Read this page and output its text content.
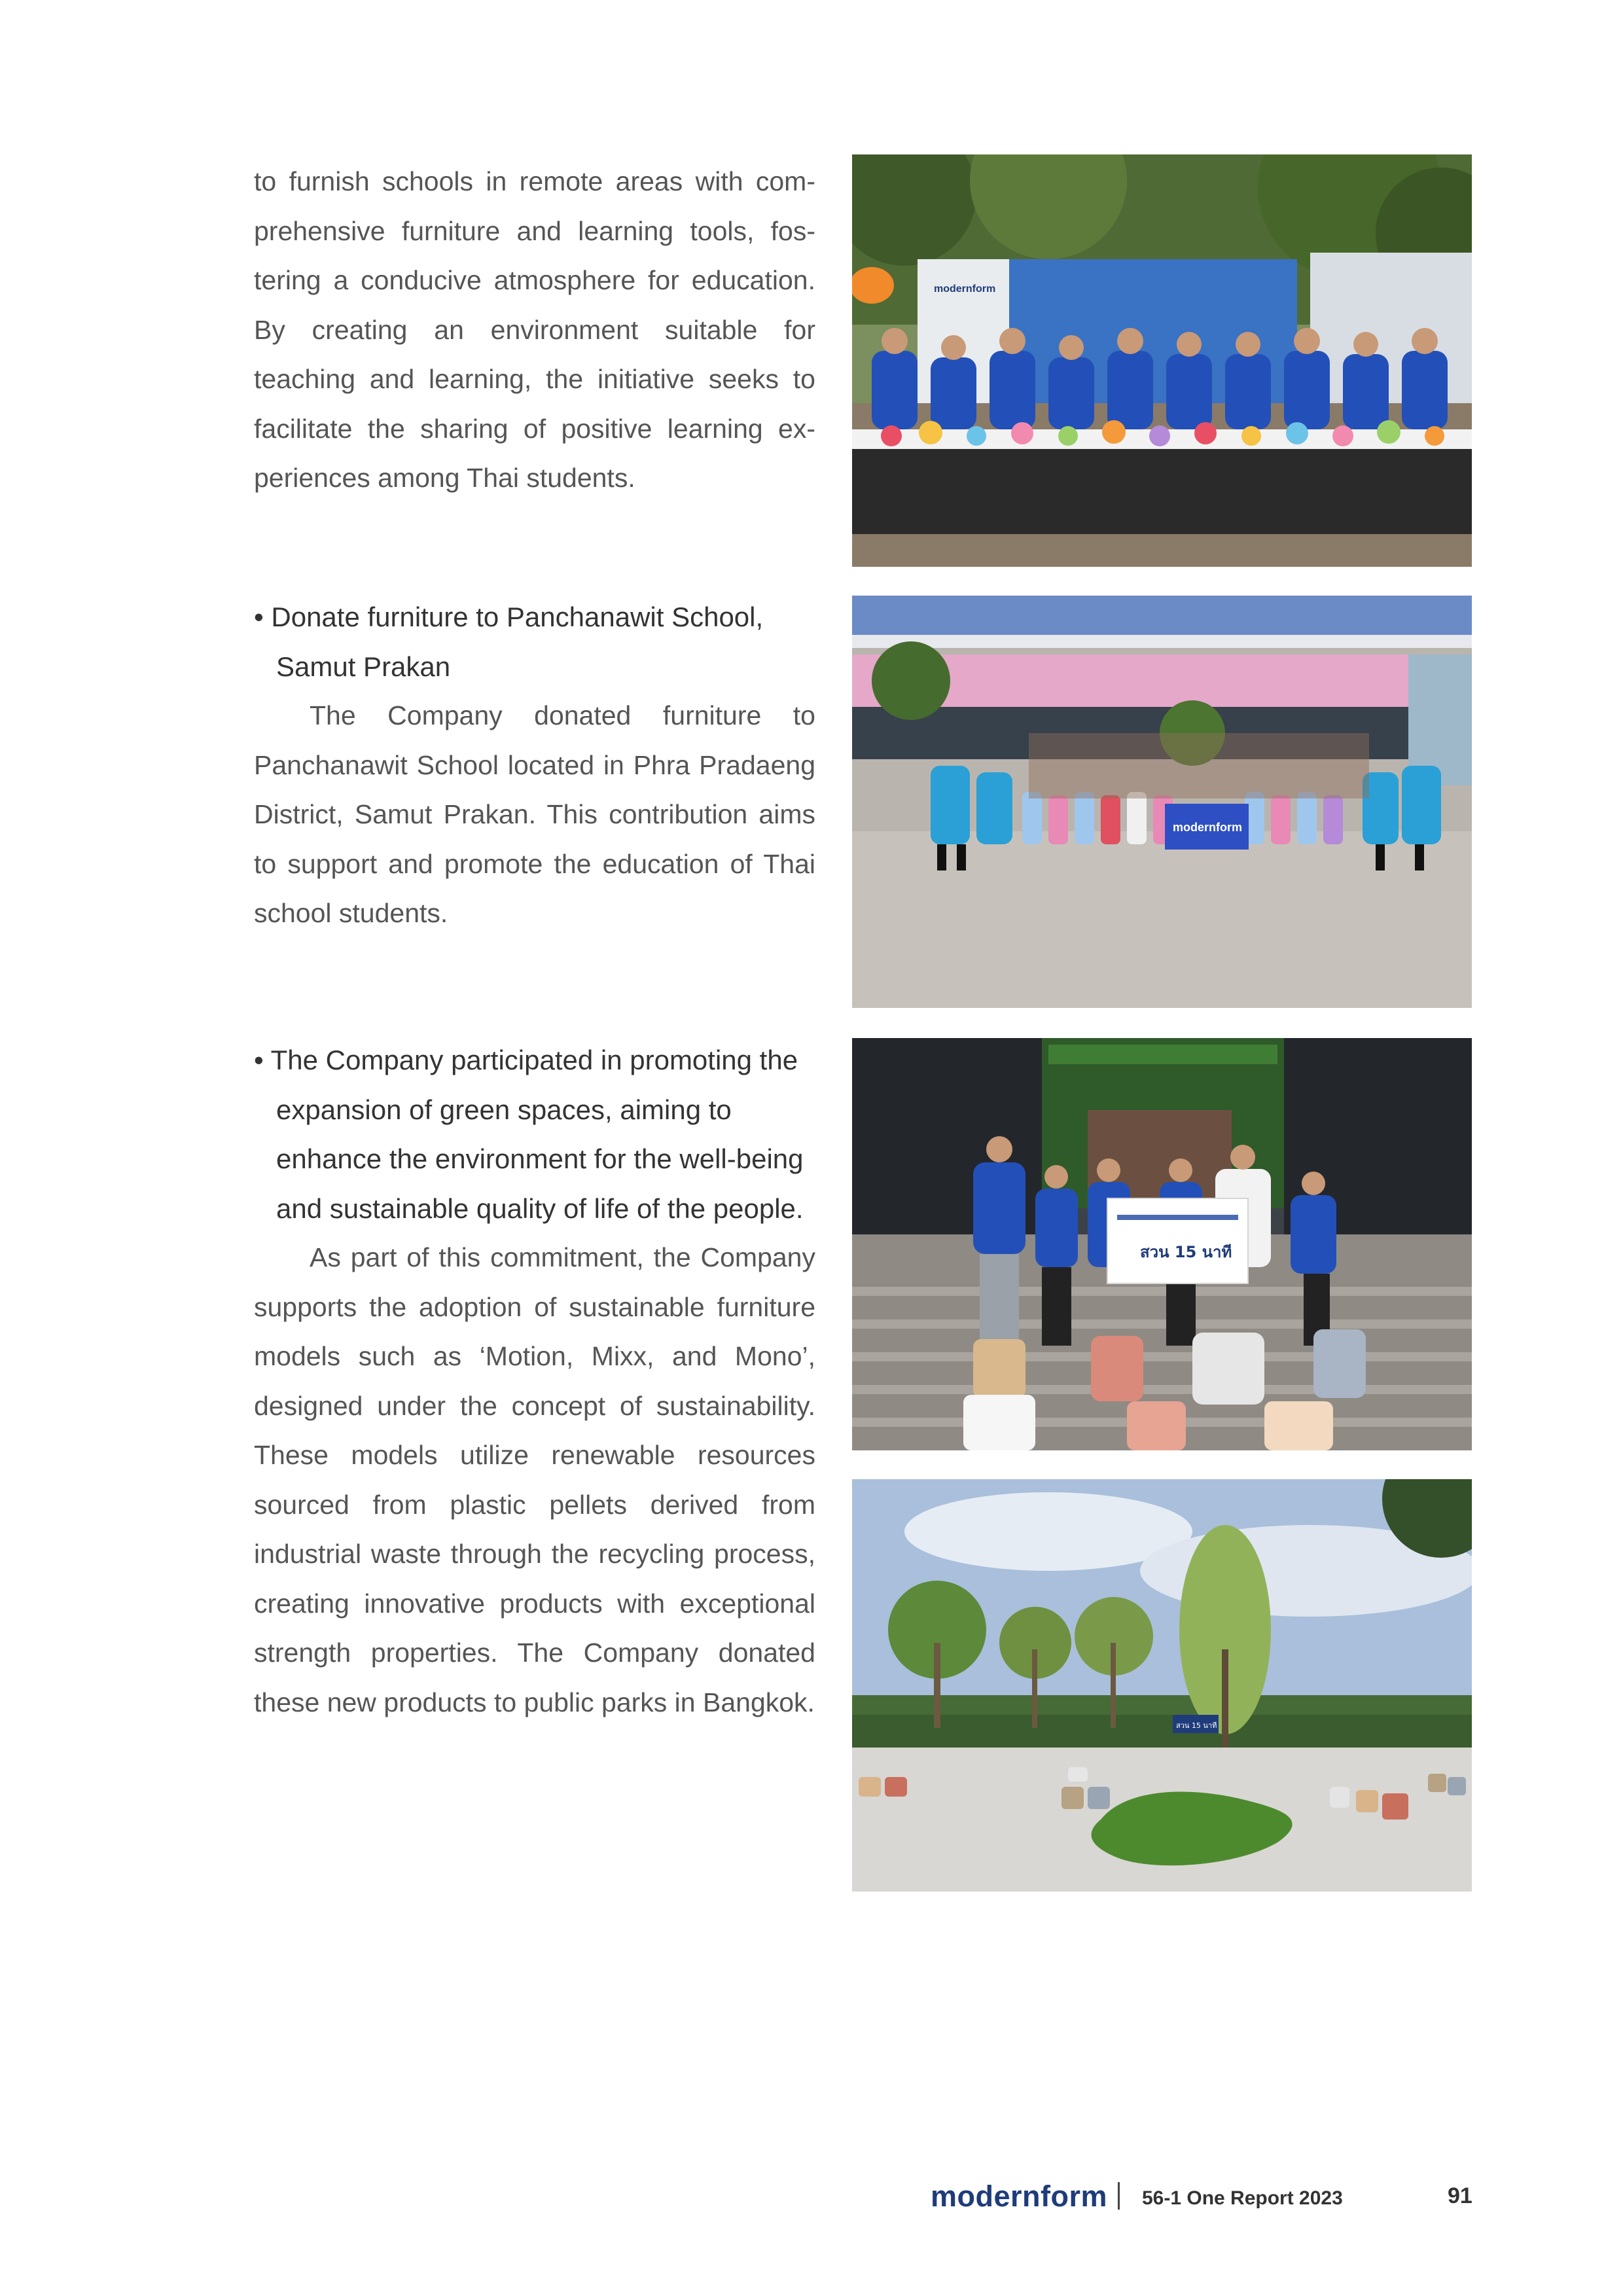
to furnish schools in remote areas with com-prehensive furniture and learning tools, fos-tering a conducive atmosphere for education. By creating an environment suitable for teaching and learning, the initiative seeks to facilitate the sharing of positive learning ex-periences among Thai students.

• Donate furniture to Panchanawit School, Samut Prakan

The Company donated furniture to Panchanawit School located in Phra Pradaeng District, Samut Prakan. This contribution aims to support and promote the education of Thai school students.

• The Company participated in promoting the expansion of green spaces, aiming to enhance the environment for the well-being and sustainable quality of life of the people.

As part of this commitment, the Company supports the adoption of sustainable furniture models such as ‘Motion, Mixx, and Mono’, designed under the concept of sustainability. These models utilize renewable resources sourced from plastic pellets derived from industrial waste through the recycling process, creating innovative products with exceptional strength properties. The Company donated these new products to public parks in Bangkok.

modernform
modernform
สวน 15 นาที
สวน 15 นาที
modernform 56-1 One Report 2023	91
